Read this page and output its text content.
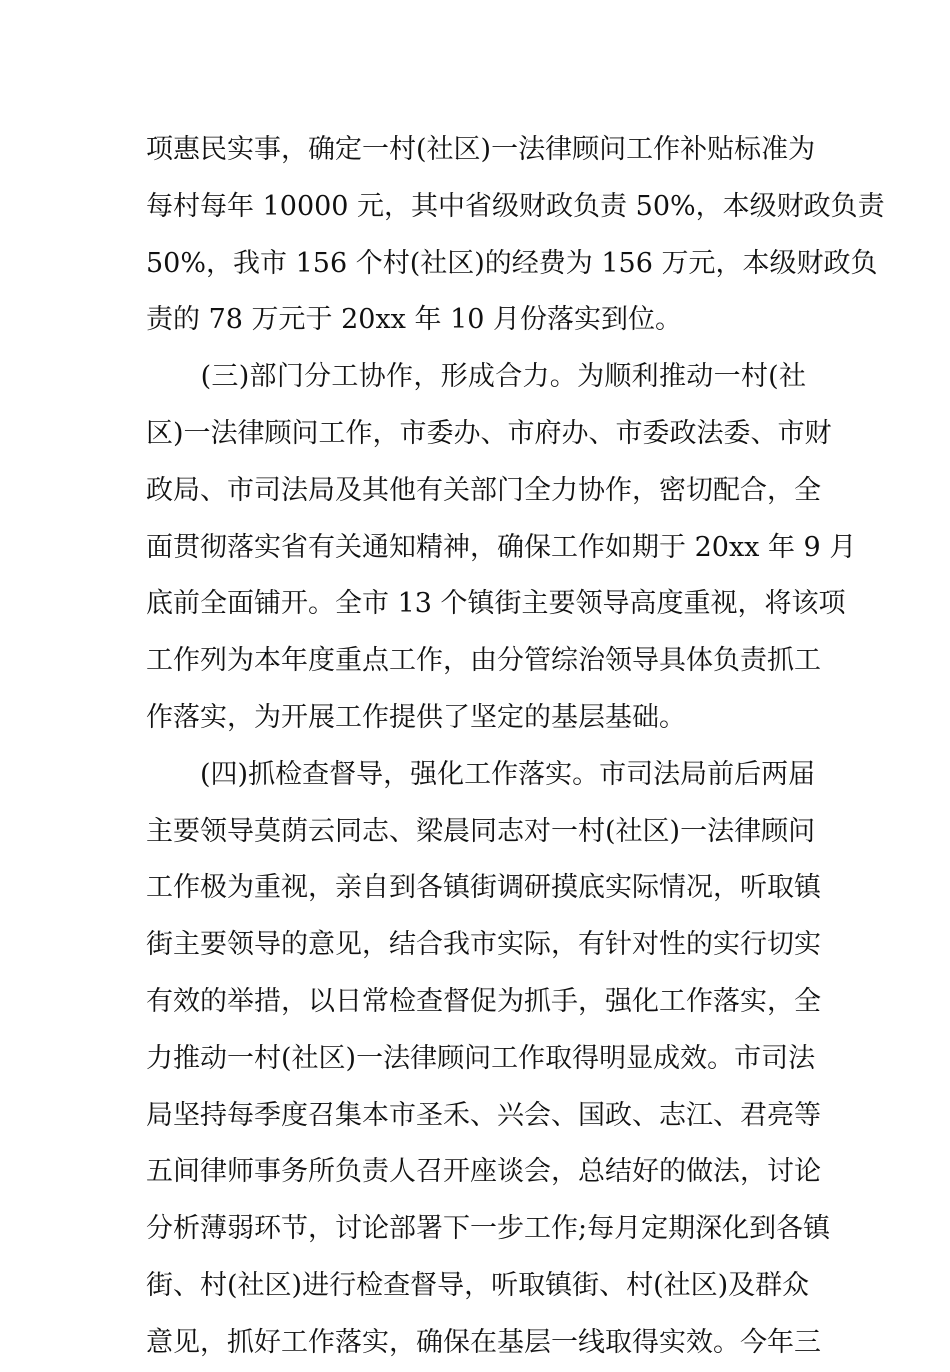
项惠民实事，确定一村(社区)一法律顾问工作补贴标准为
每村每年 10000 元，其中省级财政负责 50%，本级财政负责
50%，我市 156 个村(社区)的经费为 156 万元，本级财政负
责的 78 万元于 20xx 年 10 月份落实到位。
　　(三)部门分工协作，形成合力。为顺利推动一村(社
区)一法律顾问工作，市委办、市府办、市委政法委、市财
政局、市司法局及其他有关部门全力协作，密切配合，全
面贯彻落实省有关通知精神，确保工作如期于 20xx 年 9 月
底前全面铺开。全市 13 个镇街主要领导高度重视，将该项
工作列为本年度重点工作，由分管综治领导具体负责抓工
作落实，为开展工作提供了坚定的基层基础。
　　(四)抓检查督导，强化工作落实。市司法局前后两届
主要领导莫荫云同志、梁晨同志对一村(社区)一法律顾问
工作极为重视，亲自到各镇街调研摸底实际情况，听取镇
街主要领导的意见，结合我市实际，有针对性的实行切实
有效的举措，以日常检查督促为抓手，强化工作落实，全
力推动一村(社区)一法律顾问工作取得明显成效。市司法
局坚持每季度召集本市圣禾、兴会、国政、志江、君亮等
五间律师事务所负责人召开座谈会，总结好的做法，讨论
分析薄弱环节，讨论部署下一步工作;每月定期深化到各镇
街、村(社区)进行检查督导，听取镇街、村(社区)及群众
意见，抓好工作落实，确保在基层一线取得实效。今年三
